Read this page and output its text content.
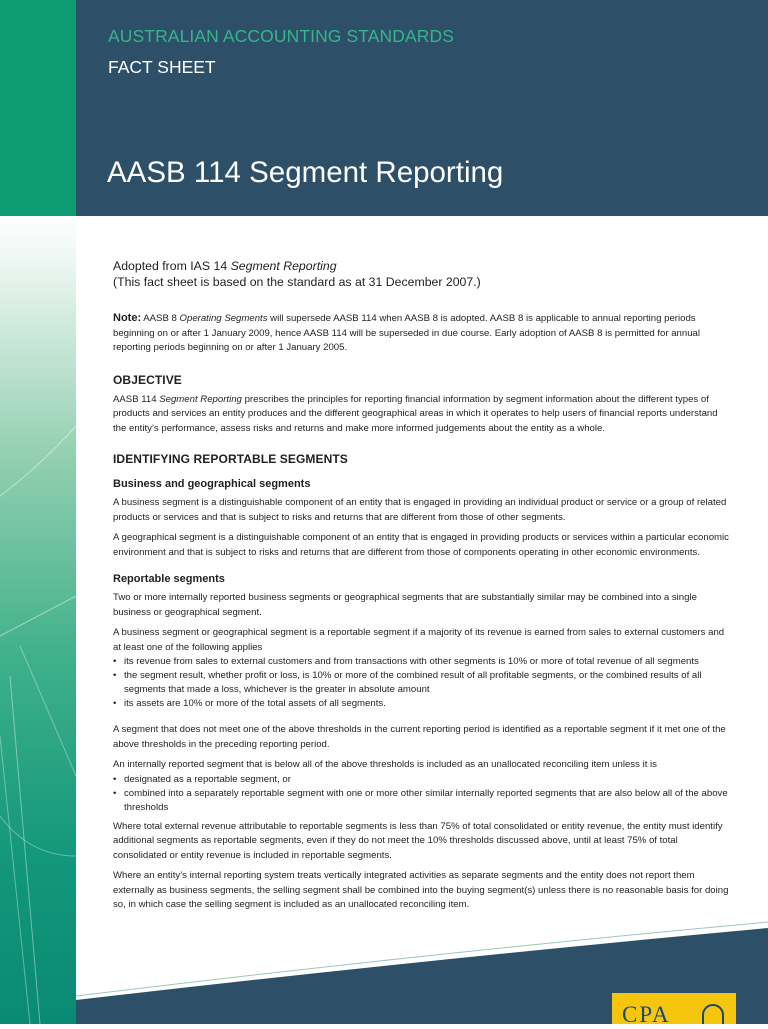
AUSTRALIAN ACCOUNTING STANDARDS
FACT SHEET
AASB 114 Segment Reporting
CPA

Adopted from IAS 14 Segment Reporting

(This fact sheet is based on the standard as at 31 December 2007.)

Note: AASB 8 Operating Segments will supersede AASB 114 when AASB 8 is adopted. AASB 8 is applicable to annual reporting periods beginning on or after 1 January 2009, hence AASB 114 will be superseded in due course. Early adoption of AASB 8 is permitted for annual reporting periods beginning on or after 1 January 2005.

OBJECTIVE

AASB 114 Segment Reporting prescribes the principles for reporting financial information by segment information about the different types of products and services an entity produces and the different geographical areas in which it operates to help users of financial reports understand the entity’s performance, assess risks and returns and make more informed judgements about the entity as a whole.

IDENTIFYING REPORTABLE SEGMENTS
Business and geographical segments

A business segment is a distinguishable component of an entity that is engaged in providing an individual product or service or a group of related products or services and that is subject to risks and returns that are different from those of other segments.

A geographical segment is a distinguishable component of an entity that is engaged in providing products or services within a particular economic environment and that is subject to risks and returns that are different from those of components operating in other economic environments.

Reportable segments

Two or more internally reported business segments or geographical segments that are substantially similar may be combined into a single business or geographical segment.

A business segment or geographical segment is a reportable segment if a majority of its revenue is earned from sales to external customers and at least one of the following applies

• its revenue from sales to external customers and from transactions with other segments is 10% or more of total revenue of all segments
• the segment result, whether profit or loss, is 10% or more of the combined result of all profitable segments, or the combined results of all segments that made a loss, whichever is the greater in absolute amount
• its assets are 10% or more of the total assets of all segments.

A segment that does not meet one of the above thresholds in the current reporting period is identified as a reportable segment if it met one of the above thresholds in the preceding reporting period.

An internally reported segment that is below all of the above thresholds is included as an unallocated reconciling item unless it is

• designated as a reportable segment, or
• combined into a separately reportable segment with one or more other similar internally reported segments that are also below all of the above thresholds

Where total external revenue attributable to reportable segments is less than 75% of total consolidated or entity revenue, the entity must identify additional segments as reportable segments, even if they do not meet the 10% thresholds discussed above, until at least 75% of total consolidated or entity revenue is included in reportable segments.

Where an entity’s internal reporting system treats vertically integrated activities as separate segments and the entity does not report them externally as business segments, the selling segment shall be combined into the buying segment(s) unless there is no reasonable basis for doing so, in which case the selling segment is included as an unallocated reconciling item.
